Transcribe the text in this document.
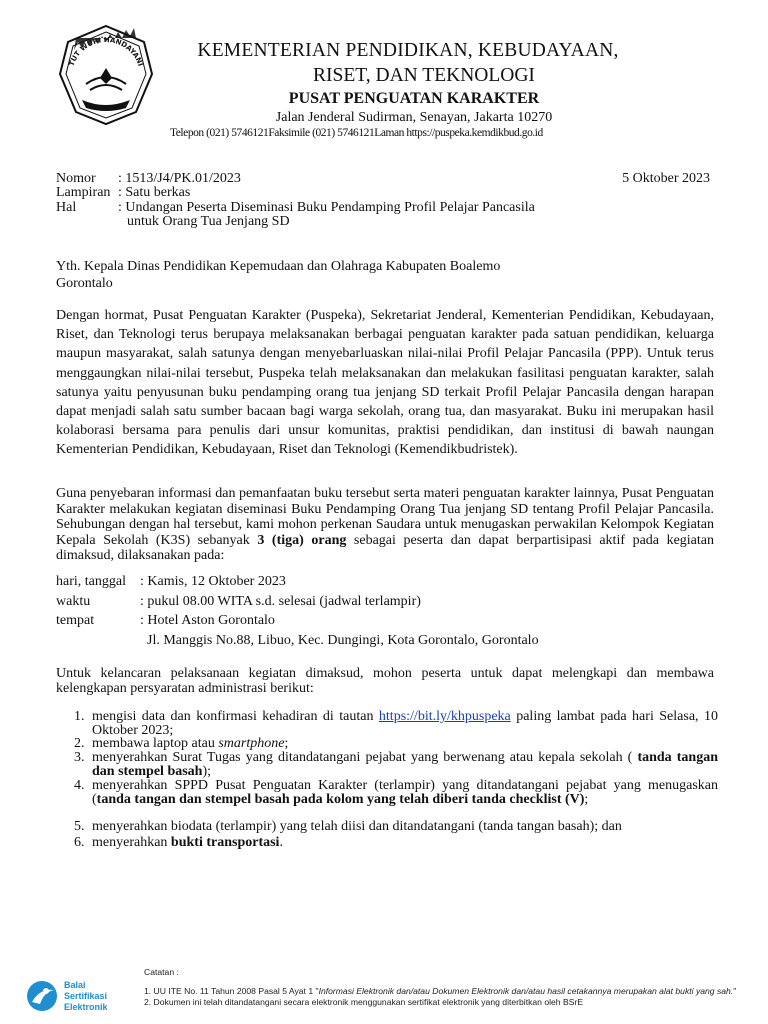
TUT WURI HANDAYANI
KEMENTERIAN PENDIDIKAN, KEBUDAYAAN,
RISET, DAN TEKNOLOGI
PUSAT PENGUATAN KARAKTER
Jalan Jenderal Sudirman, Senayan, Jakarta 10270
Telepon (021) 5746121Faksimile (021) 5746121Laman https://puspeka.kemdikbud.go.id
Nomor : 1513/J4/PK.01/2023
Lampiran : Satu berkas
Hal	: Undangan Peserta Diseminasi Buku Pendamping Profil Pelajar Pancasila
untuk Orang Tua Jenjang SD
5 Oktober 2023
Yth. Kepala Dinas Pendidikan Kepemudaan dan Olahraga Kabupaten Boalemo
Gorontalo
Dengan hormat, Pusat Penguatan Karakter (Puspeka), Sekretariat Jenderal, Kementerian Pendidikan, Kebudayaan, Riset, dan Teknologi terus berupaya melaksanakan berbagai penguatan karakter pada satuan pendidikan, keluarga maupun masyarakat, salah satunya dengan menyebarluaskan nilai-nilai Profil Pelajar Pancasila (PPP). Untuk terus menggaungkan nilai-nilai tersebut, Puspeka telah melaksanakan dan melakukan fasilitasi penguatan karakter, salah satunya yaitu penyusunan buku pendamping orang tua jenjang SD terkait Profil Pelajar Pancasila dengan harapan dapat menjadi salah satu sumber bacaan bagi warga sekolah, orang tua, dan masyarakat. Buku ini merupakan hasil kolaborasi bersama para penulis dari unsur komunitas, praktisi pendidikan, dan institusi di bawah naungan Kementerian Pendidikan, Kebudayaan, Riset dan Teknologi (Kemendikbudristek).
Guna penyebaran informasi dan pemanfaatan buku tersebut serta materi penguatan karakter lainnya, Pusat Penguatan Karakter melakukan kegiatan diseminasi Buku Pendamping Orang Tua jenjang SD tentang Profil Pelajar Pancasila. Sehubungan dengan hal tersebut, kami mohon perkenan Saudara untuk menugaskan perwakilan Kelompok Kegiatan Kepala Sekolah (K3S) sebanyak 3 (tiga) orang sebagai peserta dan dapat berpartisipasi aktif pada kegiatan dimaksud, dilaksanakan pada:
hari, tanggal : Kamis, 12 Oktober 2023
waktu	: pukul 08.00 WITA s.d. selesai (jadwal terlampir)
tempat	: Hotel Aston Gorontalo
Jl. Manggis No.88, Libuo, Kec. Dungingi, Kota Gorontalo, Gorontalo
Untuk kelancaran pelaksanaan kegiatan dimaksud, mohon peserta untuk dapat melengkapi dan membawa kelengkapan persyaratan administrasi berikut:
1. mengisi data dan konfirmasi kehadiran di tautan https://bit.ly/khpuspeka paling lambat pada hari Selasa, 10 Oktober 2023;
2. membawa laptop atau smartphone;
3. menyerahkan Surat Tugas yang ditandatangani pejabat yang berwenang atau kepala sekolah ( tanda tangan dan stempel basah);
4. menyerahkan SPPD Pusat Penguatan Karakter (terlampir) yang ditandatangani pejabat yang menugaskan (tanda tangan dan stempel basah pada kolom yang telah diberi tanda checklist (V);
5. menyerahkan biodata (terlampir) yang telah diisi dan ditandatangani (tanda tangan basah); dan
6. menyerahkan bukti transportasi.
Balai
Sertifikasi
Elektronik
Catatan :
1. UU ITE No. 11 Tahun 2008 Pasal 5 Ayat 1 "Informasi Elektronik dan/atau Dokumen Elektronik dan/atau hasil cetakannya merupakan alat bukti yang sah."
2. Dokumen ini telah ditandatangani secara elektronik menggunakan sertifikat elektronik yang diterbitkan oleh BSrE
